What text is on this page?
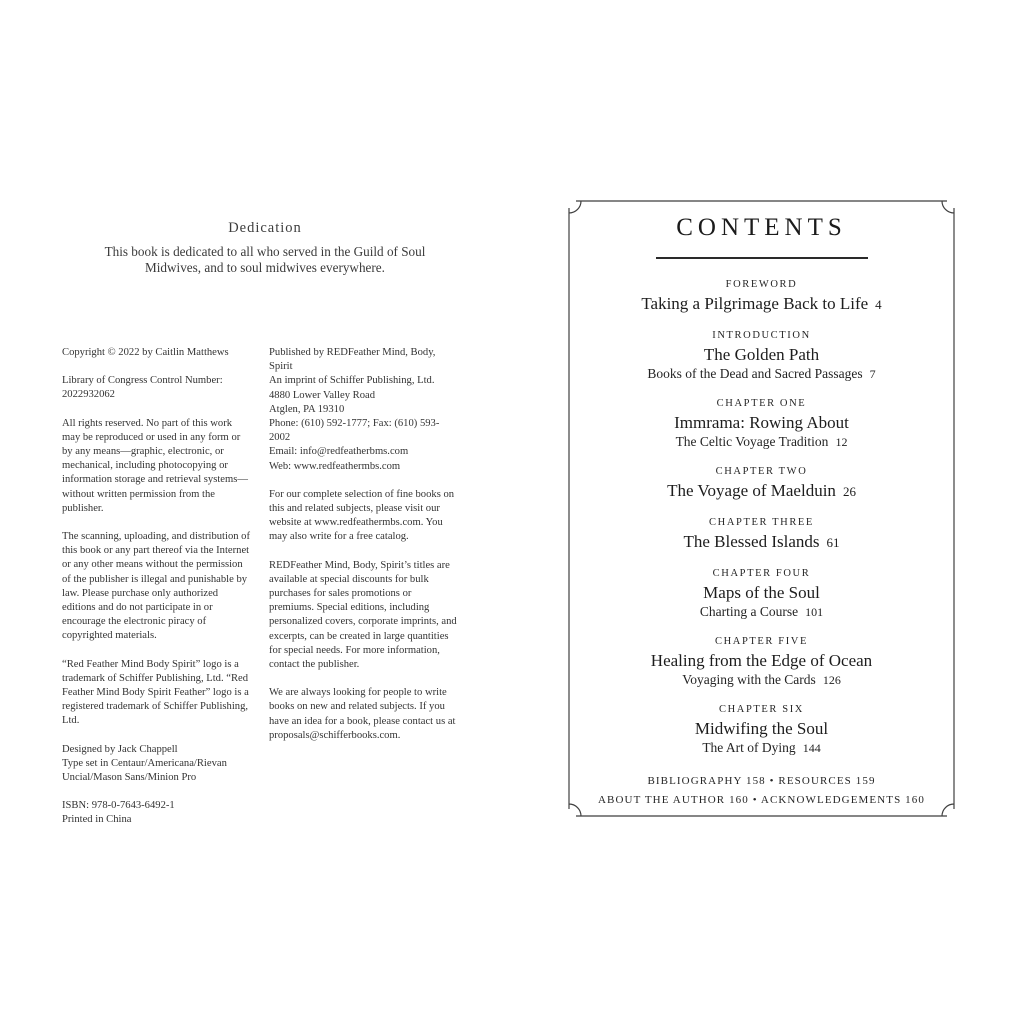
Dedication
This book is dedicated to all who served in the Guild of Soul
Midwives, and to soul midwives everywhere.

Copyright © 2022 by Caitlin Matthews

Library of Congress Control Number:
2022932062

All rights reserved. No part of this work may be reproduced or used in any form or by any means—graphic, electronic, or mechanical, including photocopying or information storage and retrieval systems—without written permission from the publisher.

The scanning, uploading, and distribution of this book or any part thereof via the Internet or any other means without the permission of the publisher is illegal and punishable by law. Please purchase only authorized editions and do not participate in or encourage the electronic piracy of copyrighted materials.

“Red Feather Mind Body Spirit” logo is a trademark of Schiffer Publishing, Ltd. “Red Feather Mind Body Spirit Feather” logo is a registered trademark of Schiffer Publishing, Ltd.

Designed by Jack Chappell
Type set in Centaur/Americana/Rievan Uncial/Mason Sans/Minion Pro

ISBN: 978-0-7643-6492-1
Printed in China

Published by REDFeather Mind, Body, Spirit
An imprint of Schiffer Publishing, Ltd.
4880 Lower Valley Road
Atglen, PA 19310
Phone: (610) 592-1777; Fax: (610) 593-2002
Email: info@redfeatherbms.com
Web: www.redfeathermbs.com

For our complete selection of fine books on this and related subjects, please visit our website at www.redfeathermbs.com. You may also write for a free catalog.

REDFeather Mind, Body, Spirit’s titles are available at special discounts for bulk purchases for sales promotions or premiums. Special editions, including personalized covers, corporate imprints, and excerpts, can be created in large quantities for special needs. For more information, contact the publisher.

We are always looking for people to write books on new and related subjects. If you have an idea for a book, please contact us at proposals@schifferbooks.com.

CONTENTS
FOREWORD
Taking a Pilgrimage Back to Life 4
INTRODUCTION
The Golden Path
Books of the Dead and Sacred Passages 7
CHAPTER ONE
Immrama: Rowing About
The Celtic Voyage Tradition 12
CHAPTER TWO
The Voyage of Maelduin 26
CHAPTER THREE
The Blessed Islands 61
CHAPTER FOUR
Maps of the Soul
Charting a Course 101
CHAPTER FIVE
Healing from the Edge of Ocean
Voyaging with the Cards 126
CHAPTER SIX
Midwifing the Soul
The Art of Dying 144
BIBLIOGRAPHY 158 • RESOURCES 159
ABOUT THE AUTHOR 160 • ACKNOWLEDGEMENTS 160
